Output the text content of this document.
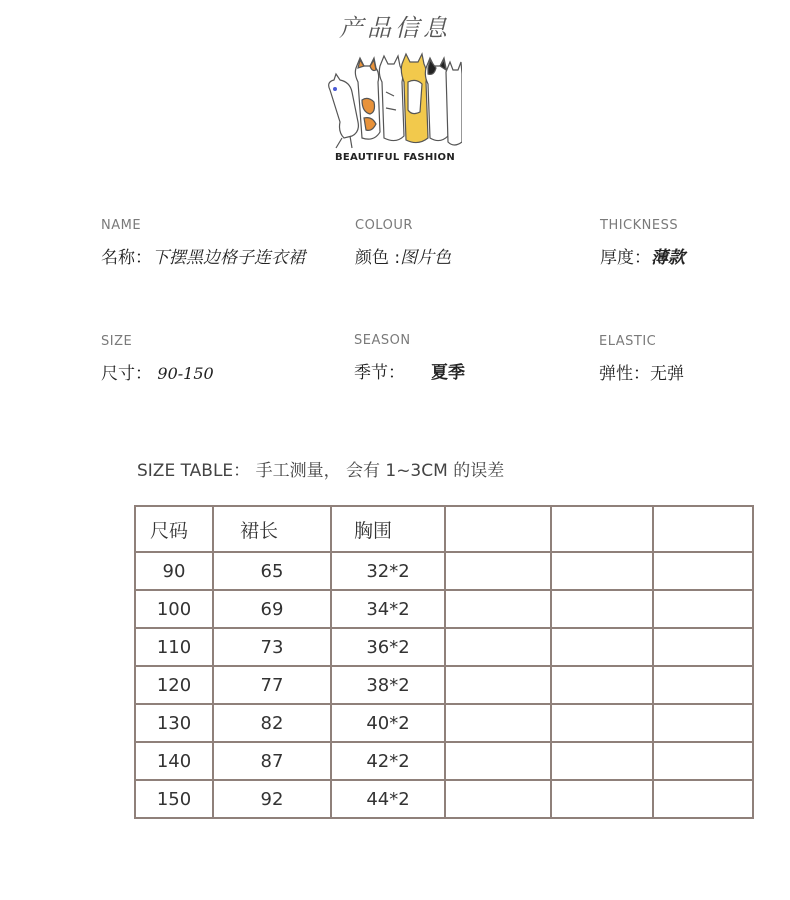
产品信息
BEAUTIFUL FASHION
NAME
名称：下摆黑边格子连衣裙
COLOUR
颜色 :图片色
THICKNESS
厚度：薄款
SIZE
尺寸： 90-150
SEASON
季节： 夏季
ELASTIC
弹性：无弹
SIZE TABLE： 手工测量， 会有 1~3CM 的误差
尺码	裙长	胸围			
90	65	32*2			
100	69	34*2			
110	73	36*2			
120	77	38*2			
130	82	40*2			
140	87	42*2			
150	92	44*2			
